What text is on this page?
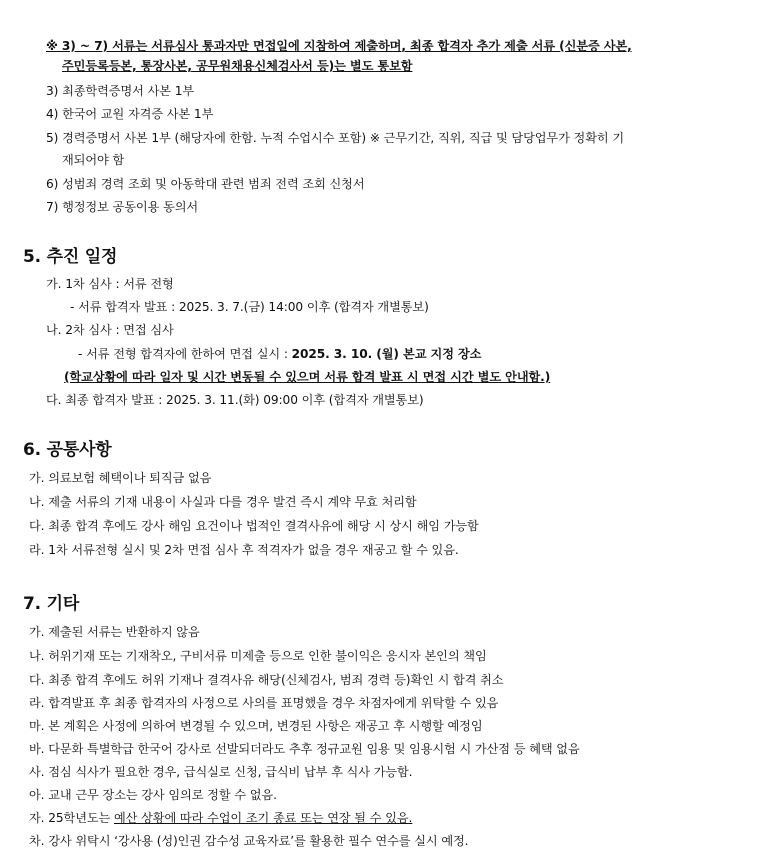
※ 3) ~ 7) 서류는 서류심사 통과자만 면접일에 지참하여 제출하며, 최종 합격자 추가 제출 서류 (신분증 사본,
주민등록등본, 통장사본, 공무원채용신체검사서 등)는 별도 통보함
3) 최종학력증명서 사본 1부
4) 한국어 교원 자격증 사본 1부
5) 경력증명서 사본 1부 (해당자에 한함. 누적 수업시수 포함) ※ 근무기간, 직위, 직급 및 담당업무가 정확히 기
재되어야 함
6) 성범죄 경력 조회 및 아동학대 관련 범죄 전력 조회 신청서
7) 행정정보 공동이용 동의서
5. 추진 일정
가. 1차 심사 : 서류 전형
- 서류 합격자 발표 : 2025. 3. 7.(금) 14:00 이후 (합격자 개별통보)
나. 2차 심사 : 면접 심사
- 서류 전형 합격자에 한하여 면접 실시 : 2025. 3. 10. (월) 본교 지정 장소
(학교상황에 따라 일자 및 시간 변동될 수 있으며 서류 합격 발표 시 면접 시간 별도 안내함.)
다. 최종 합격자 발표 : 2025. 3. 11.(화) 09:00 이후 (합격자 개별통보)
6. 공통사항
가. 의료보험 혜택이나 퇴직금 없음
나. 제출 서류의 기재 내용이 사실과 다를 경우 발견 즉시 계약 무효 처리함
다. 최종 합격 후에도 강사 해임 요건이나 법적인 결격사유에 해당 시 상시 해임 가능함
라. 1차 서류전형 실시 및 2차 면접 심사 후 적격자가 없을 경우 재공고 할 수 있음.
7. 기타
가. 제출된 서류는 반환하지 않음
나. 허위기재 또는 기재착오, 구비서류 미제출 등으로 인한 불이익은 응시자 본인의 책임
다. 최종 합격 후에도 허위 기재나 결격사유 해당(신체검사, 범죄 경력 등)확인 시 합격 취소
라. 합격발표 후 최종 합격자의 사정으로 사의를 표명했을 경우 차점자에게 위탁할 수 있음
마. 본 계획은 사정에 의하여 변경될 수 있으며, 변경된 사항은 재공고 후 시행할 예정임
바. 다문화 특별학급 한국어 강사로 선발되더라도 추후 정규교원 임용 및 임용시험 시 가산점 등 혜택 없음
사. 점심 식사가 필요한 경우, 급식실로 신청, 급식비 납부 후 식사 가능함.
아. 교내 근무 장소는 강사 임의로 정할 수 없음.
자. 25학년도는 예산 상황에 따라 수업이 조기 종료 또는 연장 될 수 있음.
차. 강사 위탁시 ‘강사용 (성)인권 감수성 교육자료’를 활용한 필수 연수를 실시 예정.
